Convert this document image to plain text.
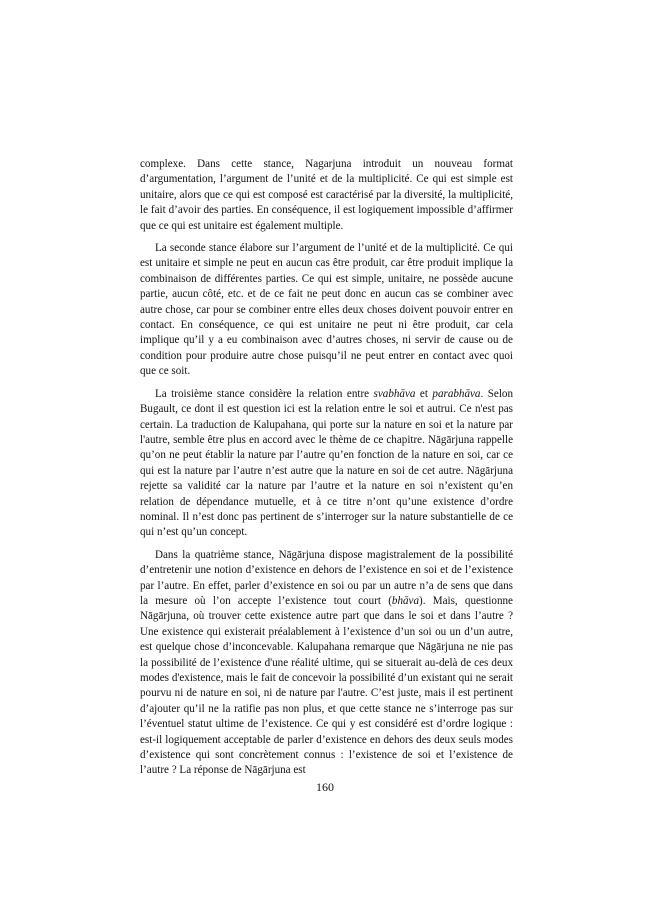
complexe. Dans cette stance, Nagarjuna introduit un nouveau format d’argumentation, l’argument de l’unité et de la multiplicité. Ce qui est simple est unitaire, alors que ce qui est composé est caractérisé par la diversité, la multiplicité, le fait d’avoir des parties. En conséquence, il est logiquement impossible d’affirmer que ce qui est unitaire est également multiple.

La seconde stance élabore sur l’argument de l’unité et de la multiplicité. Ce qui est unitaire et simple ne peut en aucun cas être produit, car être produit implique la combinaison de différentes parties. Ce qui est simple, unitaire, ne possède aucune partie, aucun côté, etc. et de ce fait ne peut donc en aucun cas se combiner avec autre chose, car pour se combiner entre elles deux choses doivent pouvoir entrer en contact. En conséquence, ce qui est unitaire ne peut ni être produit, car cela implique qu’il y a eu combinaison avec d’autres choses, ni servir de cause ou de condition pour produire autre chose puisqu’il ne peut entrer en contact avec quoi que ce soit.

La troisième stance considère la relation entre svabhāva et parabhāva. Selon Bugault, ce dont il est question ici est la relation entre le soi et autrui. Ce n'est pas certain. La traduction de Kalupahana, qui porte sur la nature en soi et la nature par l'autre, semble être plus en accord avec le thème de ce chapitre. Nāgārjuna rappelle qu’on ne peut établir la nature par l’autre qu’en fonction de la nature en soi, car ce qui est la nature par l’autre n’est autre que la nature en soi de cet autre. Nāgārjuna rejette sa validité car la nature par l’autre et la nature en soi n’existent qu’en relation de dépendance mutuelle, et à ce titre n’ont qu’une existence d’ordre nominal. Il n’est donc pas pertinent de s’interroger sur la nature substantielle de ce qui n’est qu’un concept.

Dans la quatrième stance, Nāgārjuna dispose magistralement de la possibilité d’entretenir une notion d’existence en dehors de l’existence en soi et de l’existence par l’autre. En effet, parler d’existence en soi ou par un autre n’a de sens que dans la mesure où l’on accepte l’existence tout court (bhāva). Mais, questionne Nāgārjuna, où trouver cette existence autre part que dans le soi et dans l’autre ? Une existence qui existerait préalablement à l’existence d’un soi ou un d’un autre, est quelque chose d’inconcevable. Kalupahana remarque que Nāgārjuna ne nie pas la possibilité de l’existence d'une réalité ultime, qui se situerait au-delà de ces deux modes d'existence, mais le fait de concevoir la possibilité d’un existant qui ne serait pourvu ni de nature en soi, ni de nature par l'autre. C’est juste, mais il est pertinent d’ajouter qu’il ne la ratifie pas non plus, et que cette stance ne s’interroge pas sur l’éventuel statut ultime de l’existence. Ce qui y est considéré est d’ordre logique : est-il logiquement acceptable de parler d’existence en dehors des deux seuls modes d’existence qui sont concrètement connus : l’existence de soi et l’existence de l’autre ? La réponse de Nāgārjuna est

160
